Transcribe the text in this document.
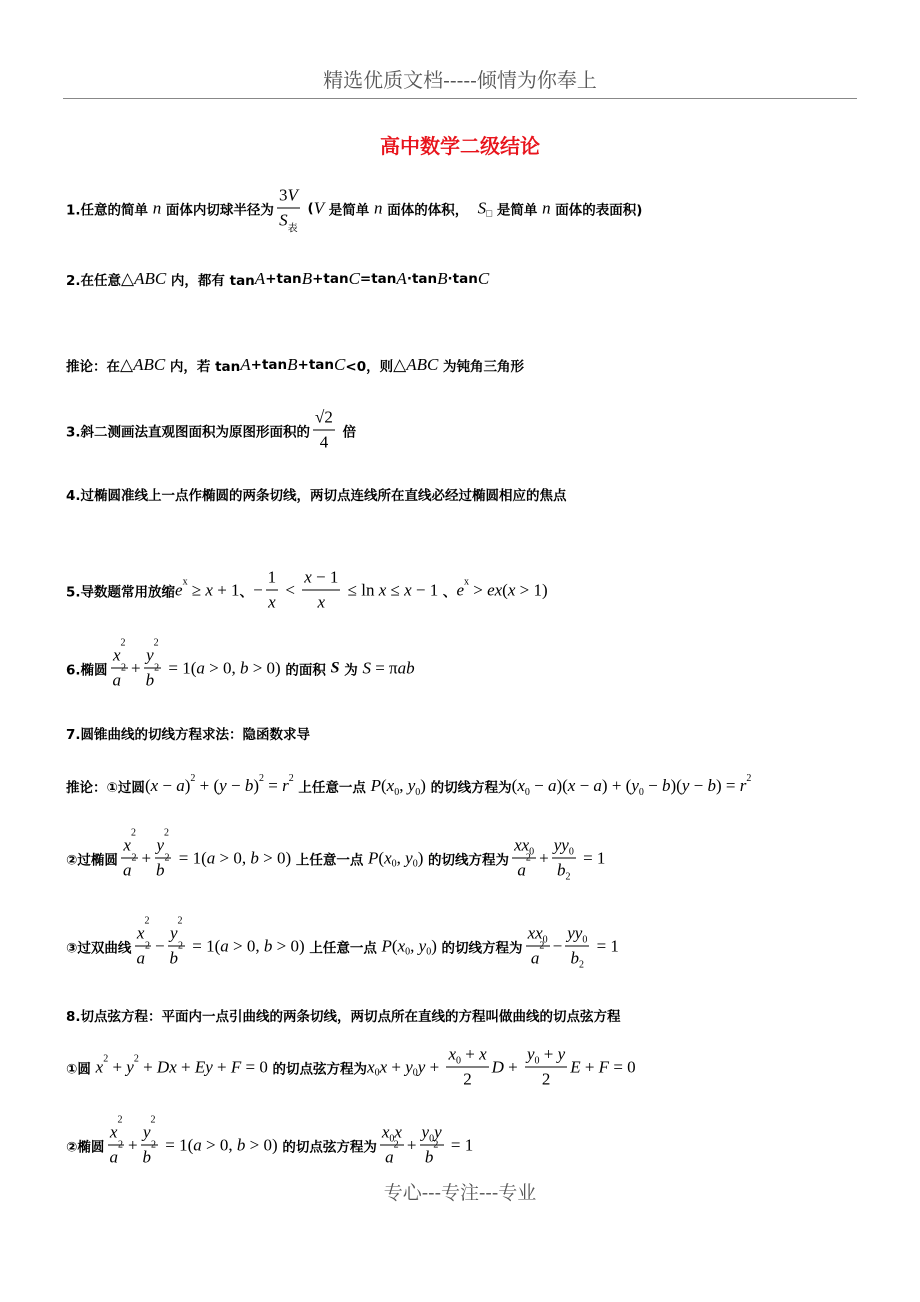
精选优质文档-----倾情为你奉上
高中数学二级结论
1.任意的简单 n 面体内切球半径为 $\frac{3 V}{\text{S 表}}$ ( V 是简单 n 面体的体积， S □ 是简单 n 面体的表面积)
2.在任意 △ ABC 内，都有 tan A +tan B +tan C =tan A ·tan B ·tan C
推论：在 △ ABC 内，若 tan A +tan B +tan C <0，则 △ ABC 为钝角三角形
3.斜二测画法直观图面积为原图形面积的 $\frac{√2}{4}$ 倍
4.过椭圆准线上一点作椭圆的两条切线，两切点连线所在直线必经过椭圆相应的焦点
5.导数题常用放缩 e x ≥ x + 1 、 − $\frac{1}{x} < \frac{x - 1}{x} \le \ln x \le x - 1$ 、 e x > ex ( x > 1)
6.椭圆 x
2
a
2 + y
2
b
2 = 1( a > 0, b > 0) 的面积 S 为 S = π ab
7.圆锥曲线的切线方程求法：隐函数求导
推论：①过圆 ( x − a ) 2 + ( y − b ) 2 = r 2
上任意一点 P ( x 0 , y 0 ) 的切线方程为 ( x 0 − a )( x − a ) + ( y 0 − b )( y − b ) = r 2
②过椭圆 x
2
a
2 + y
2
b
2 = 1( a > 0, b > 0) 上任意一点 P ( x 0 , y 0 ) 的切线方程为 xx 0
a
$2 + \frac{yy 0}{b 2} = 1$
③过双曲线 x
2
a
2 − y
2
b
2 = 1( a > 0, b > 0) 上任意一点 P ( x 0 , y 0 ) 的切线方程为 xx 0
a
$2 - \frac{yy 0}{b 2} = 1$
8.切点弦方程：平面内一点引曲线的两条切线，两切点所在直线的方程叫做曲线的切点弦方程
①圆 x 2 + y 2 + Dx + Ey + F = 0 的切点弦方程为 x 0 x + y 0 $y + \frac{x 0 + x}{2}$ $D + \frac{y 0 + y}{2}$ E + F = 0
②椭圆 x
2
a
2 + y
2
b
2 = 1( a > 0, b > 0) 的切点弦方程为 x 0 x
a
2 + y 0 y
b
2 = 1
专心---专注---专业
